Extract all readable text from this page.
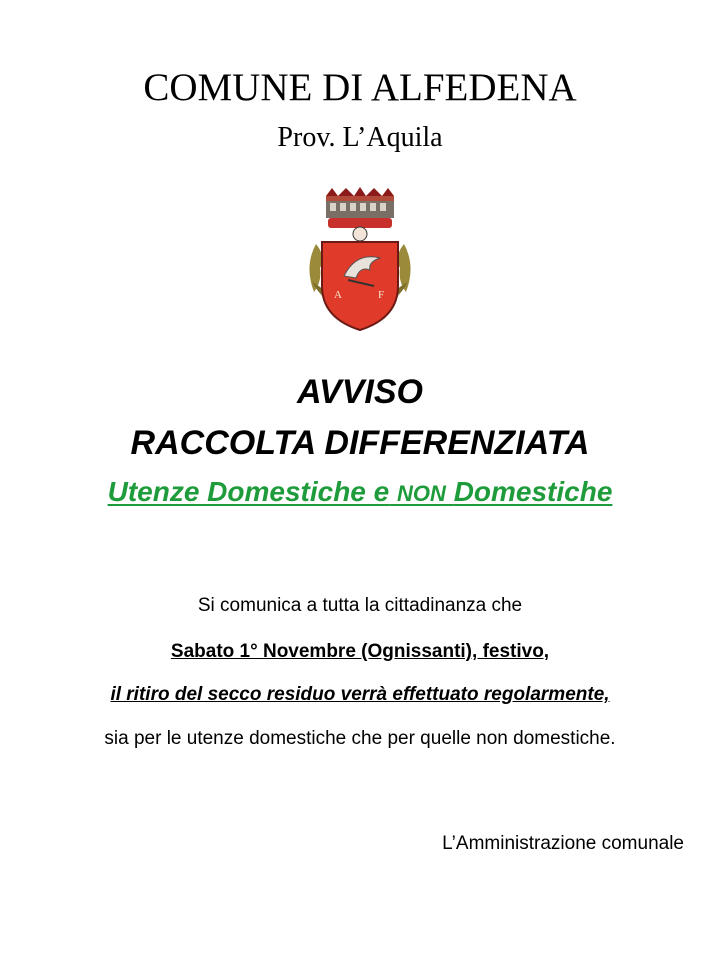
COMUNE DI ALFEDENA
Prov. L’Aquila
A	F
AVVISO
RACCOLTA DIFFERENZIATA
Utenze Domestiche e NON Domestiche
Si comunica a tutta la cittadinanza che
Sabato 1° Novembre (Ognissanti), festivo,
il ritiro del secco residuo verrà effettuato regolarmente,
sia per le utenze domestiche che per quelle non domestiche.
L’Amministrazione comunale
